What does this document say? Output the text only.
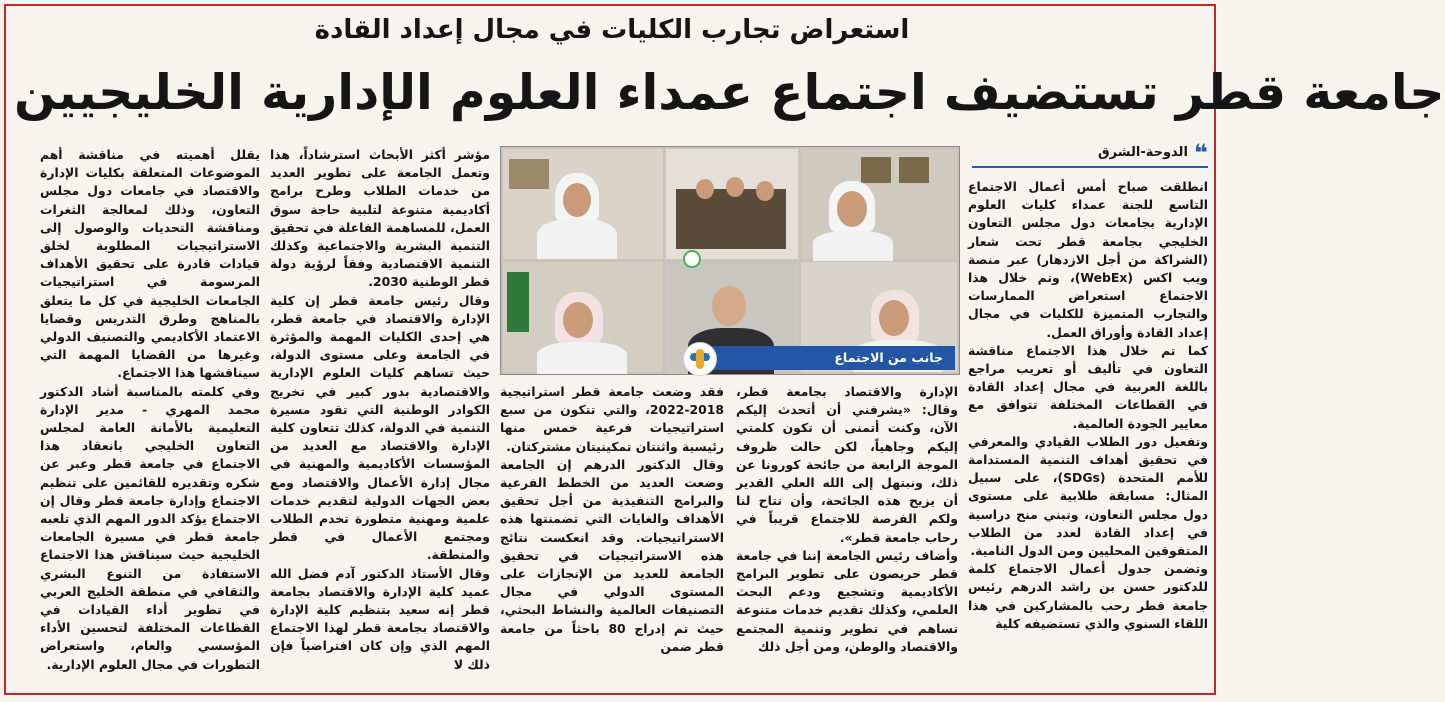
استعراض تجارب الكليات في مجال إعداد القادة
جامعة قطر تستضيف اجتماع عمداء العلوم الإدارية الخليجيين
❝$^{الدوحة-الشرق}$

انطلقت صباح أمس أعمال الاجتماع التاسع للجنة عمداء كليات العلوم الإدارية بجامعات دول مجلس التعاون الخليجي بجامعة قطر تحت شعار (الشراكة من أجل الازدهار) عبر منصة ويب اكس (WebEx)، وتم خلال هذا الاجتماع استعراض الممارسات والتجارب المتميزة للكليات في مجال إعداد القادة وأوراق العمل.

كما تم خلال هذا الاجتماع مناقشة التعاون في تأليف أو تعريب مراجع باللغة العربية في مجال إعداد القادة في القطاعات المختلفة تتوافق مع معايير الجودة العالمية.

وتفعيل دور الطلاب القيادي والمعرفي في تحقيق أهداف التنمية المستدامة للأمم المتحدة (SDGs)، على سبيل المثال: مسابقة طلابية على مستوى دول مجلس التعاون، وتبني منح دراسية في إعداد القادة لعدد من الطلاب المتفوقين المحليين ومن الدول النامية.

وتضمن جدول أعمال الاجتماع كلمة للدكتور حسن بن راشد الدرهم رئيس جامعة قطر رحب بالمشاركين في هذا اللقاء السنوي والذي تستضيفه كلية

جانب من الاجتماع

الإدارة والاقتصاد بجامعة قطر، وقال: «يشرفني أن أتحدث إليكم الآن، وكنت أتمنى أن تكون كلمتي إليكم وجاهياً، لكن حالت ظروف الموجة الرابعة من جائحة كورونا عن ذلك، ونبتهل إلى الله العلي القدير أن يزيح هذه الجائحة، وأن تتاح لنا ولكم الفرصة للاجتماع قريباً في رحاب جامعة قطر».

وأضاف رئيس الجامعة إننا في جامعة قطر حريصون على تطوير البرامج الأكاديمية وتشجيع ودعم البحث العلمي، وكذلك تقديم خدمات متنوعة تساهم في تطوير وتنمية المجتمع والاقتصاد والوطن، ومن أجل ذلك

فقد وضعت جامعة قطر استراتيجية 2018-2022، والتي تتكون من سبع استراتيجيات فرعية خمس منها رئيسية واثنتان تمكينيتان مشتركتان.

وقال الدكتور الدرهم إن الجامعة وضعت العديد من الخطط الفرعية والبرامج التنفيذية من أجل تحقيق الأهداف والغايات التي تضمنتها هذه الاستراتيجيات. وقد انعكست نتائج هذه الاستراتيجيات في تحقيق الجامعة للعديد من الإنجازات على المستوى الدولي في مجال التصنيفات العالمية والنشاط البحثي، حيث تم إدراج 80 باحثاً من جامعة قطر ضمن

مؤشر أكثر الأبحاث استرشاداً، هذا وتعمل الجامعة على تطوير العديد من خدمات الطلاب وطرح برامج أكاديمية متنوعة لتلبية حاجة سوق العمل، للمساهمة الفاعلة في تحقيق التنمية البشرية والاجتماعية وكذلك التنمية الاقتصادية وفقاً لرؤية دولة قطر الوطنية 2030.

وقال رئيس جامعة قطر إن كلية الإدارة والاقتصاد في جامعة قطر، هي إحدى الكليات المهمة والمؤثرة في الجامعة وعلى مستوى الدولة، حيث تساهم كليات العلوم الإدارية والاقتصادية بدور كبير في تخريج الكوادر الوطنية التي تقود مسيرة التنمية في الدولة، كذلك تتعاون كلية الإدارة والاقتصاد مع العديد من المؤسسات الأكاديمية والمهنية في مجال إدارة الأعمال والاقتصاد ومع بعض الجهات الدولية لتقديم خدمات علمية ومهنية متطورة تخدم الطلاب ومجتمع الأعمال في قطر والمنطقة.

وقال الأستاذ الدكتور آدم فضل الله عميد كلية الإدارة والاقتصاد بجامعة قطر إنه سعيد بتنظيم كلية الإدارة والاقتصاد بجامعة قطر لهذا الاجتماع المهم الذي وإن كان افتراضياً فإن ذلك لا

يقلل أهميته في مناقشة أهم الموضوعات المتعلقة بكليات الإدارة والاقتصاد في جامعات دول مجلس التعاون، وذلك لمعالجة الثغرات ومناقشة التحديات والوصول إلى الاستراتيجيات المطلوبة لخلق قيادات قادرة على تحقيق الأهداف المرسومة في استراتيجيات الجامعات الخليجية في كل ما يتعلق بالمناهج وطرق التدريس وقضايا الاعتماد الأكاديمي والتصنيف الدولي وغيرها من القضايا المهمة التي سيناقشها هذا الاجتماع.

وفي كلمته بالمناسبة أشاد الدكتور محمد المهري - مدير الإدارة التعليمية بالأمانة العامة لمجلس التعاون الخليجي بانعقاد هذا الاجتماع في جامعة قطر وعبر عن شكره وتقديره للقائمين على تنظيم الاجتماع وإدارة جامعة قطر وقال إن الاجتماع يؤكد الدور المهم الذي تلعبه جامعة قطر في مسيرة الجامعات الخليجية حيث سيناقش هذا الاجتماع الاستفادة من التنوع البشري والثقافي في منطقة الخليج العربي في تطوير أداء القيادات في القطاعات المختلفة لتحسين الأداء المؤسسي والعام، واستعراض التطورات في مجال العلوم الإدارية.
